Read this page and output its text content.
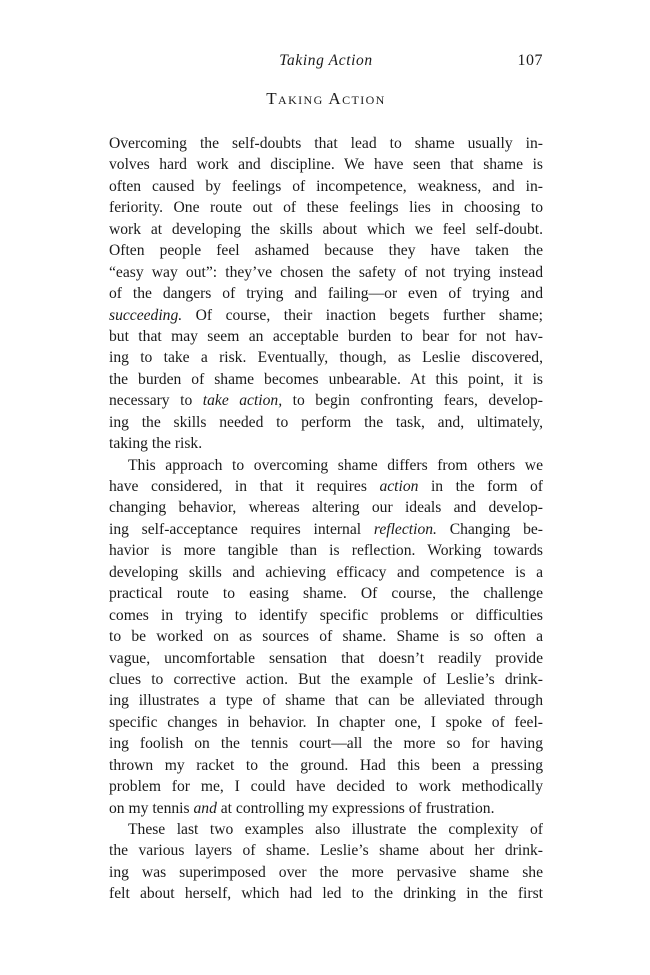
Taking Action	107
Taking Action
Overcoming the self-doubts that lead to shame usually in-
volves hard work and discipline. We have seen that shame is
often caused by feelings of incompetence, weakness, and in-
feriority. One route out of these feelings lies in choosing to
work at developing the skills about which we feel self-doubt.
Often people feel ashamed because they have taken the
“easy way out”: they’ve chosen the safety of not trying instead
of the dangers of trying and failing—or even of trying and
succeeding. Of course, their inaction begets further shame;
but that may seem an acceptable burden to bear for not hav-
ing to take a risk. Eventually, though, as Leslie discovered,
the burden of shame becomes unbearable. At this point, it is
necessary to take action, to begin confronting fears, develop-
ing the skills needed to perform the task, and, ultimately,
taking the risk.
This approach to overcoming shame differs from others we
have considered, in that it requires action in the form of
changing behavior, whereas altering our ideals and develop-
ing self-acceptance requires internal reflection. Changing be-
havior is more tangible than is reflection. Working towards
developing skills and achieving efficacy and competence is a
practical route to easing shame. Of course, the challenge
comes in trying to identify specific problems or difficulties
to be worked on as sources of shame. Shame is so often a
vague, uncomfortable sensation that doesn’t readily provide
clues to corrective action. But the example of Leslie’s drink-
ing illustrates a type of shame that can be alleviated through
specific changes in behavior. In chapter one, I spoke of feel-
ing foolish on the tennis court—all the more so for having
thrown my racket to the ground. Had this been a pressing
problem for me, I could have decided to work methodically
on my tennis and at controlling my expressions of frustration.
These last two examples also illustrate the complexity of
the various layers of shame. Leslie’s shame about her drink-
ing was superimposed over the more pervasive shame she
felt about herself, which had led to the drinking in the first
